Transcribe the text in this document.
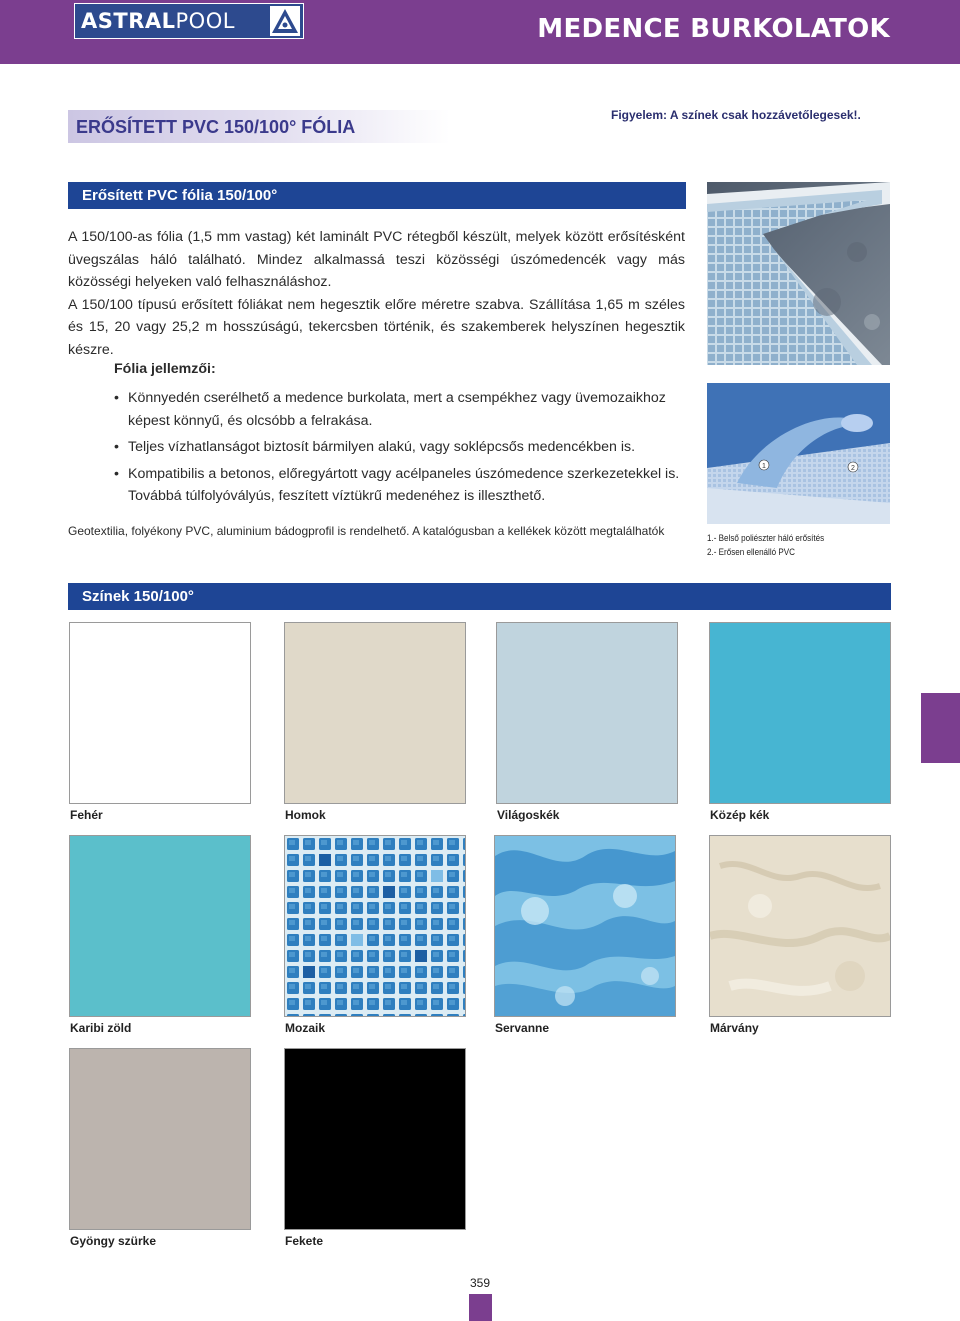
ASTRALPOOL	MEDENCE BURKOLATOK
ERŐSÍTETT PVC 150/100° FÓLIA
Figyelem: A színek csak hozzávetőlegesek!.
Erősített PVC fólia 150/100°

A 150/100-as fólia (1,5 mm vastag) két laminált PVC rétegből készült, melyek között erősítésként üvegszálas háló található. Mindez alkalmassá teszi közösségi úszómedencék vagy más közösségi helyeken való felhasználáshoz.

A 150/100 típusú erősített fóliákat nem hegesztik előre méretre szabva. Szállítása 1,65 m széles és 15, 20 vagy 25,2 m hosszúságú, tekercsben történik, és szakemberek helyszínen hegesztik készre.

Fólia jellemzői:
• Könnyedén cserélhető a medence burkolata, mert a csempékhez vagy üvemozaikhoz képest könnyű, és olcsóbb a felrakása.
• Teljes vízhatlanságot biztosít bármilyen alakú, vagy soklépcsős medencékben is.
• Kompatibilis a betonos, előregyártott vagy acélpaneles úszómedence szerkezetekkel is. Továbbá túlfolyóvályús, feszített víztükrű medenéhez is illeszthető.
Geotextilia, folyékony PVC, aluminium bádogprofil is rendelhető. A katalógusban a kellékek között megtalálhatók
1	2
1.- Belső poliészter háló erősítés
2.- Erősen ellenálló PVC
Színek 150/100°
Fehér	Homok	Világoskék	Közép kék
Karibi zöld	Mozaik	Servanne	Márvány
Gyöngy szürke	Fekete
359
